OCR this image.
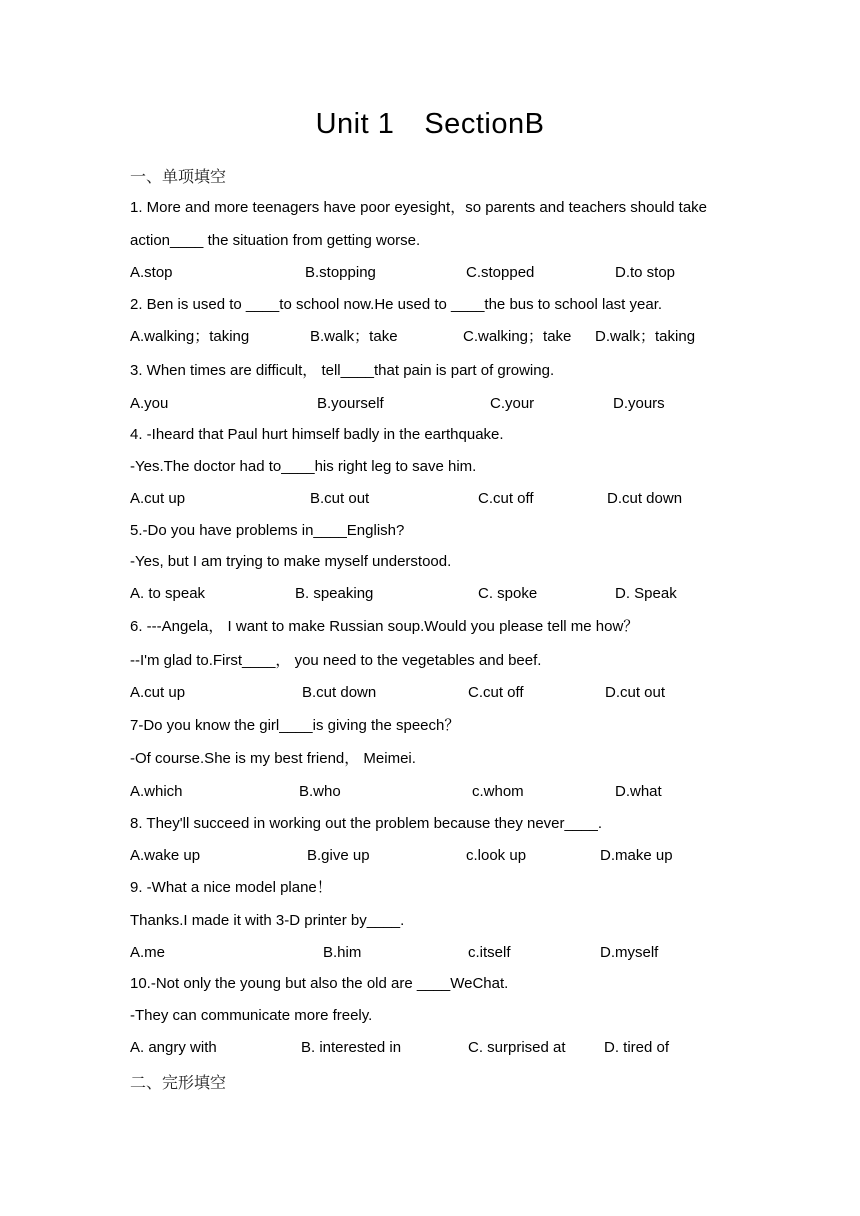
Unit 1 SectionB
一、单项填空
1. More and more teenagers have poor eyesight，so parents and teachers should take
action____ the situation from getting worse.
A.stop	B.stopping	C.stopped	D.to stop
2. Ben is used to ____to school now.He used to ____the bus to school last year.
A.walking；taking	B.walk；take	C.walking；take D.walk；taking
3. When times are difficult， tell____that pain is part of growing.
A.you	B.yourself	C.your	D.yours
4. -Iheard that Paul hurt himself badly in the earthquake.
-Yes.The doctor had to____his right leg to save him.
A.cut up	B.cut out	C.cut off	D.cut down
5.-Do you have problems in____English?
-Yes, but I am trying to make myself understood.
A. to speak	B. speaking	C. spoke	D. Speak
6. ---Angela， I want to make Russian soup.Would you please tell me how？
--I'm glad to.First____， you need to the vegetables and beef.
A.cut up	B.cut down	C.cut off	D.cut out
7-Do you know the girl____is giving the speech？
-Of course.She is my best friend， Meimei.
A.which	B.who	c.whom	D.what
8. They'll succeed in working out the problem because they never____.
A.wake up	B.give up	c.look up	D.make up
9. -What a nice model plane！
Thanks.I made it with 3-D printer by____.
A.me	B.him	c.itself	D.myself
10.-Not only the young but also the old are ____WeChat.
-They can communicate more freely.
A. angry with	B. interested in	C. surprised at	D. tired of
二、完形填空
